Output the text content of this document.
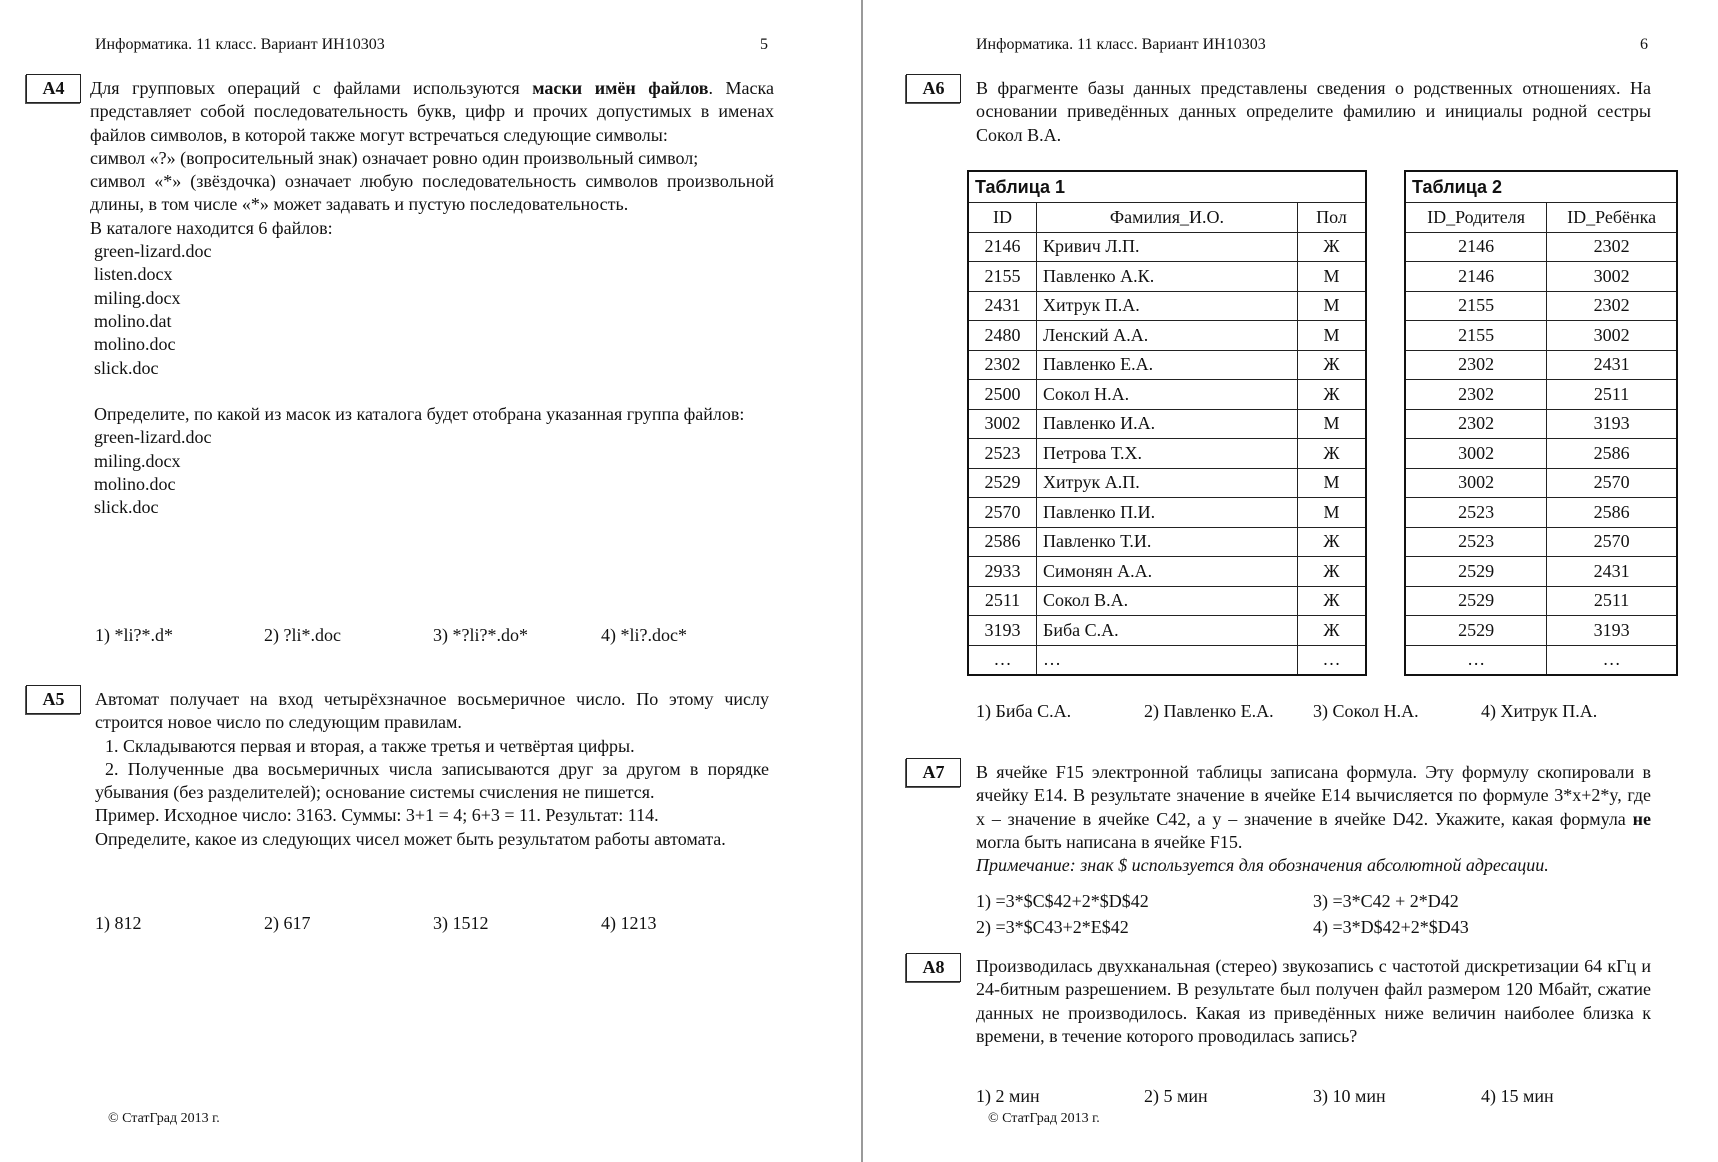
Информатика. 11 класс. Вариант ИН10303	5
А4	Для групповых операций с файлами используются маски имён файлов. Маска представляет собой последовательность букв, цифр и прочих допустимых в именах файлов символов, в которой также могут встречаться следующие символы:

символ «?» (вопросительный знак) означает ровно один произвольный символ;

символ «*» (звёздочка) означает любую последовательность символов произвольной длины, в том числе «*» может задавать и пустую последовательность.

В каталоге находится 6 файлов:

green-lizard.doc
listen.docx
miling.docx
molino.dat
molino.doc
slick.doc

Определите, по какой из масок из каталога будет отобрана указанная группа файлов:

green-lizard.doc
miling.docx
molino.doc
slick.doc
1) *li?*.d*	2) ?li*.doc	3) *?li?*.do*	4) *li?.doc*
А5	Автомат получает на вход четырёхзначное восьмеричное число. По этому числу строится новое число по следующим правилам.

1. Складываются первая и вторая, а также третья и четвёртая цифры.

2. Полученные два восьмеричных числа записываются друг за другом в порядке убывания (без разделителей); основание системы счисления не пишется.

Пример. Исходное число: 3163. Суммы: 3+1 = 4; 6+3 = 11. Результат: 114.

Определите, какое из следующих чисел может быть результатом работы автомата.

1) 812	2) 617	3) 1512	4) 1213
© СтатГрад 2013 г.
Информатика. 11 класс. Вариант ИН10303	6
А6	В фрагменте базы данных представлены сведения о родственных отношениях. На основании приведённых данных определите фамилию и инициалы родной сестры Сокол В.А.
Таблица 1		
ID	Фамилия_И.О.	Пол
2146	Кривич Л.П.	Ж
2155	Павленко А.К.	М
2431	Хитрук П.А.	М
2480	Ленский А.А.	М
2302	Павленко Е.А.	Ж
2500	Сокол Н.А.	Ж
3002	Павленко И.А.	М
2523	Петрова Т.Х.	Ж
2529	Хитрук А.П.	М
2570	Павленко П.И.	М
2586	Павленко Т.И.	Ж
2933	Симонян А.А.	Ж
2511	Сокол В.А.	Ж
3193	Биба С.А.	Ж
…	…	…
Таблица 2	
ID_Родителя	ID_Ребёнка
2146	2302
2146	3002
2155	2302
2155	3002
2302	2431
2302	2511
2302	3193
3002	2586
3002	2570
2523	2586
2523	2570
2529	2431
2529	2511
2529	3193
…	…
1) Биба С.А.	2) Павленко Е.А. 3) Сокол Н.А.	4) Хитрук П.А.
А7	В ячейке F15 электронной таблицы записана формула. Эту формулу скопировали в ячейку E14. В результате значение в ячейке E14 вычисляется по формуле 3*x+2*y, где x – значение в ячейке C42, а y – значение в ячейке D42. Укажите, какая формула не могла быть написана в ячейке F15.

Примечание: знак $ используется для обозначения абсолютной адресации.

1) =3*$C$42+2*$D$42
2) =3*$C43+2*E$42
3) =3*C42 + 2*D42
4) =3*D$42+2*$D43
А8	Производилась двухканальная (стерео) звукозапись с частотой дискретизации 64 кГц и 24-битным разрешением. В результате был получен файл размером 120 Мбайт, сжатие данных не производилось. Какая из приведённых ниже величин наиболее близка к времени, в течение которого проводилась запись?
1) 2 мин	2) 5 мин	3) 10 мин	4) 15 мин
© СтатГрад 2013 г.
